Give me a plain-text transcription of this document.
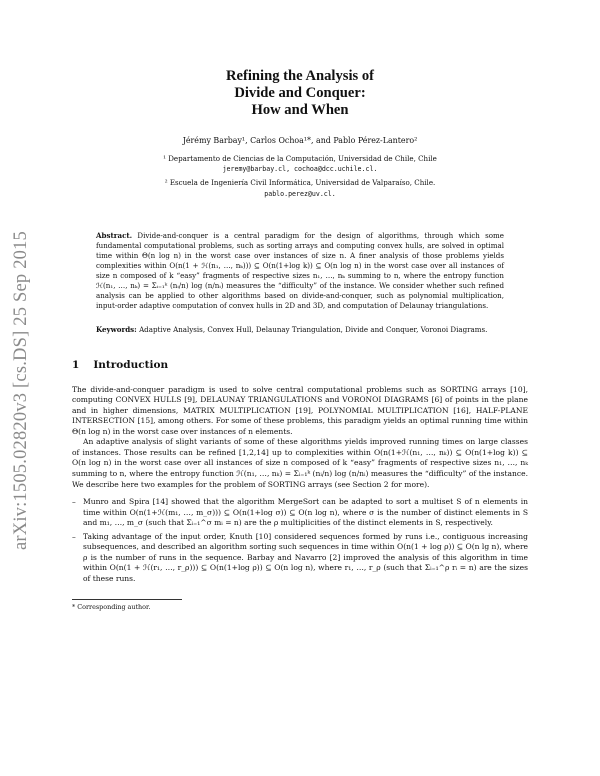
arXiv:1505.02820v3 [cs.DS] 25 Sep 2015
Refining the Analysis of
Divide and Conquer:
How and When
Jérémy Barbay¹, Carlos Ochoa¹*, and Pablo Pérez-Lantero²
¹ Departamento de Ciencias de la Computación, Universidad de Chile, Chile
jeremy@barbay.cl, cochoa@dcc.uchile.cl.
² Escuela de Ingeniería Civil Informática, Universidad de Valparaíso, Chile.
pablo.perez@uv.cl.
Abstract. Divide-and-conquer is a central paradigm for the design of algorithms, through which some fundamental computational problems, such as sorting arrays and computing convex hulls, are solved in optimal time within Θ(n log n) in the worst case over instances of size n. A finer analysis of those problems yields complexities within O(n(1 + ℋ(n₁, …, nₖ))) ⊆ O(n(1+log k)) ⊆ O(n log n) in the worst case over all instances of size n composed of k “easy” fragments of respective sizes n₁, …, nₖ summing to n, where the entropy function ℋ(n₁, …, nₖ) = Σᵢ₌₁ᵏ (nᵢ/n) log (n/nᵢ) measures the “difficulty” of the instance. We consider whether such refined analysis can be applied to other algorithms based on divide-and-conquer, such as polynomial multiplication, input-order adaptive computation of convex hulls in 2D and 3D, and computation of Delaunay triangulations.
Keywords: Adaptive Analysis, Convex Hull, Delaunay Triangulation, Divide and Conquer, Voronoi Diagrams.
1 Introduction

The divide-and-conquer paradigm is used to solve central computational problems such as SORTING arrays [10], computing CONVEX HULLS [9], DELAUNAY TRIANGULATIONS and VORONOI DIAGRAMS [6] of points in the plane and in higher dimensions, MATRIX MULTIPLICATION [19], POLYNOMIAL MULTIPLICATION [16], HALF-PLANE INTERSECTION [15], among others. For some of these problems, this paradigm yields an optimal running time within Θ(n log n) in the worst case over instances of n elements.

An adaptive analysis of slight variants of some of these algorithms yields improved running times on large classes of instances. Those results can be refined [1,2,14] up to complexities within O(n(1+ℋ(n₁, …, nₖ)) ⊆ O(n(1+log k)) ⊆ O(n log n) in the worst case over all instances of size n composed of k “easy” fragments of respective sizes n₁, …, nₖ summing to n, where the entropy function ℋ(n₁, …, nₖ) = Σᵢ₌₁ᵏ (nᵢ/n) log (n/nᵢ) measures the “difficulty” of the instance. We describe here two examples for the problem of SORTING arrays (see Section 2 for more).

– Munro and Spira [14] showed that the algorithm MergeSort can be adapted to sort a multiset S of n elements in time within O(n(1+ℋ(m₁, …, m_σ))) ⊆ O(n(1+log σ)) ⊆ O(n log n), where σ is the number of distinct elements in S and m₁, …, m_σ (such that Σᵢ₌₁^σ mᵢ = n) are the ρ multiplicities of the distinct elements in S, respectively.
– Taking advantage of the input order, Knuth [10] considered sequences formed by runs i.e., contiguous increasing subsequences, and described an algorithm sorting such sequences in time within O(n(1 + log ρ)) ⊆ O(n lg n), where ρ is the number of runs in the sequence. Barbay and Navarro [2] improved the analysis of this algorithm in time within O(n(1 + ℋ(r₁, …, r_ρ))) ⊆ O(n(1+log ρ)) ⊆ O(n log n), where r₁, …, r_ρ (such that Σᵢ₌₁^ρ rᵢ = n) are the sizes of these runs.
* Corresponding author.
